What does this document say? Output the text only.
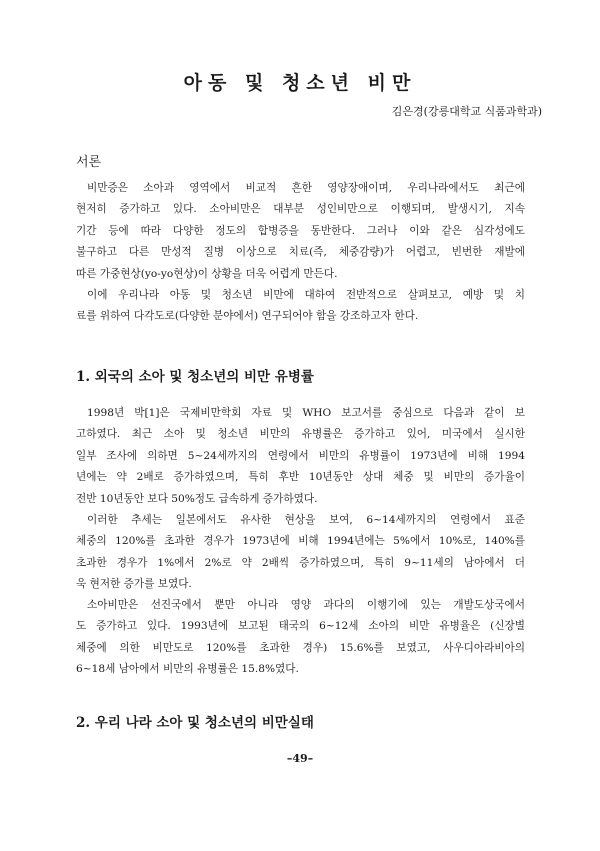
아동 및 청소년 비만
김은경(강릉대학교 식품과학과)
서론
비만증은 소아과 영역에서 비교적 흔한 영양장애이며, 우리나라에서도 최근에
현저히 증가하고 있다. 소아비만은 대부분 성인비만으로 이행되며, 발생시기, 지속
기간 등에 따라 다양한 정도의 합병증을 동반한다. 그러나 이와 같은 심각성에도
불구하고 다른 만성적 질병 이상으로 치료(즉, 체중감량)가 어렵고, 빈번한 재발에
따른 가중현상(yo-yo현상)이 상황을 더욱 어렵게 만든다.
이에 우리나라 아동 및 청소년 비만에 대하여 전반적으로 살펴보고, 예방 및 치
료를 위하여 다각도로(다양한 분야에서) 연구되어야 함을 강조하고자 한다.
1. 외국의 소아 및 청소년의 비만 유병률
1998년 박[1]은 국제비만학회 자료 및 WHO 보고서를 중심으로 다음과 같이 보
고하였다. 최근 소아 및 청소년 비만의 유병률은 증가하고 있어, 미국에서 실시한
일부 조사에 의하면 5~24세까지의 연령에서 비만의 유병률이 1973년에 비해 1994
년에는 약 2배로 증가하였으며, 특히 후반 10년동안 상대 체중 및 비만의 증가율이
전반 10년동안 보다 50%정도 급속하게 증가하였다.
이러한 추세는 일본에서도 유사한 현상을 보여, 6~14세까지의 연령에서 표준
체중의 120%를 초과한 경우가 1973년에 비해 1994년에는 5%에서 10%로, 140%를
초과한 경우가 1%에서 2%로 약 2배씩 증가하였으며, 특히 9~11세의 남아에서 더
욱 현저한 증가를 보였다.
소아비만은 선진국에서 뿐만 아니라 영양 과다의 이행기에 있는 개발도상국에서
도 증가하고 있다. 1993년에 보고된 태국의 6~12세 소아의 비만 유병율은 (신장별
체중에 의한 비만도로 120%를 초과한 경우) 15.6%를 보였고, 사우디아라비아의
6~18세 남아에서 비만의 유병률은 15.8%였다.
2. 우리 나라 소아 및 청소년의 비만실태
–49–
